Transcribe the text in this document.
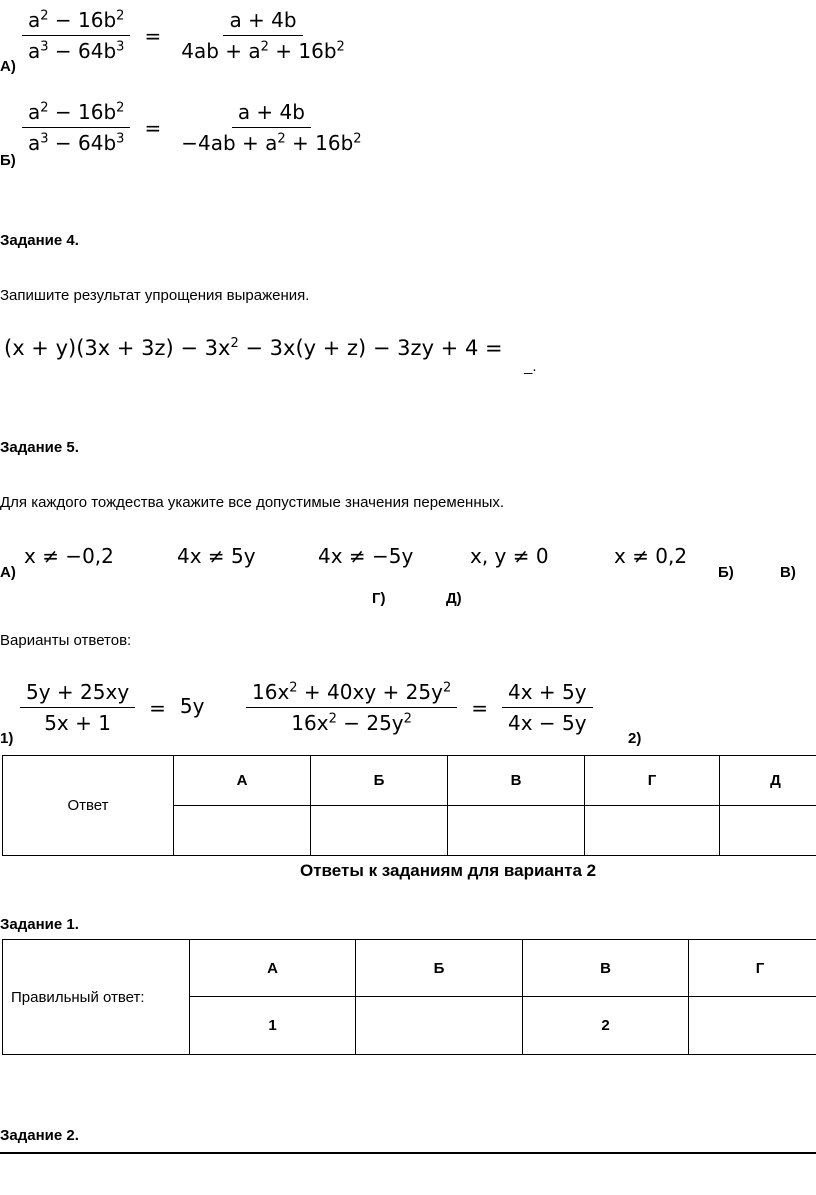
А)
$\frac{a^2 - 16b^2}{a^3 - 64b^3} = \frac{a + 4b}{4ab + a^2 + 16b^2}$
Б)
$\frac{a^2 - 16b^2}{a^3 - 64b^3} = \frac{a + 4b}{-4ab + a^2 + 16b^2}$
Задание 4.
Запишите результат упрощения выражения.
$(x + y)(3x + 3z) - 3x^2 - 3x(y + z) - 3zy + 4$ =
_.
Задание 5.
Для каждого тождества укажите все допустимые значения переменных.
А)
x ≠ −0,2	4x ≠ 5y	4x ≠ −5y	x, y ≠ 0	x ≠ 0,2
Б)	В)
Г)	Д)
Варианты ответов:
1)
$\frac{5y + 25xy}{5x + 1} = 5y \frac{16x^2 + 40xy + 25y^2}{16x^2 - 25y^2} = \frac{4x + 5y}{4x - 5y}$
2)
Ответ	А	Б	В	Г	Д

Ответы к заданиям для варианта 2
Задание 1.
Правильный ответ:	А	Б	В	Г
	1		2	
Задание 2.
